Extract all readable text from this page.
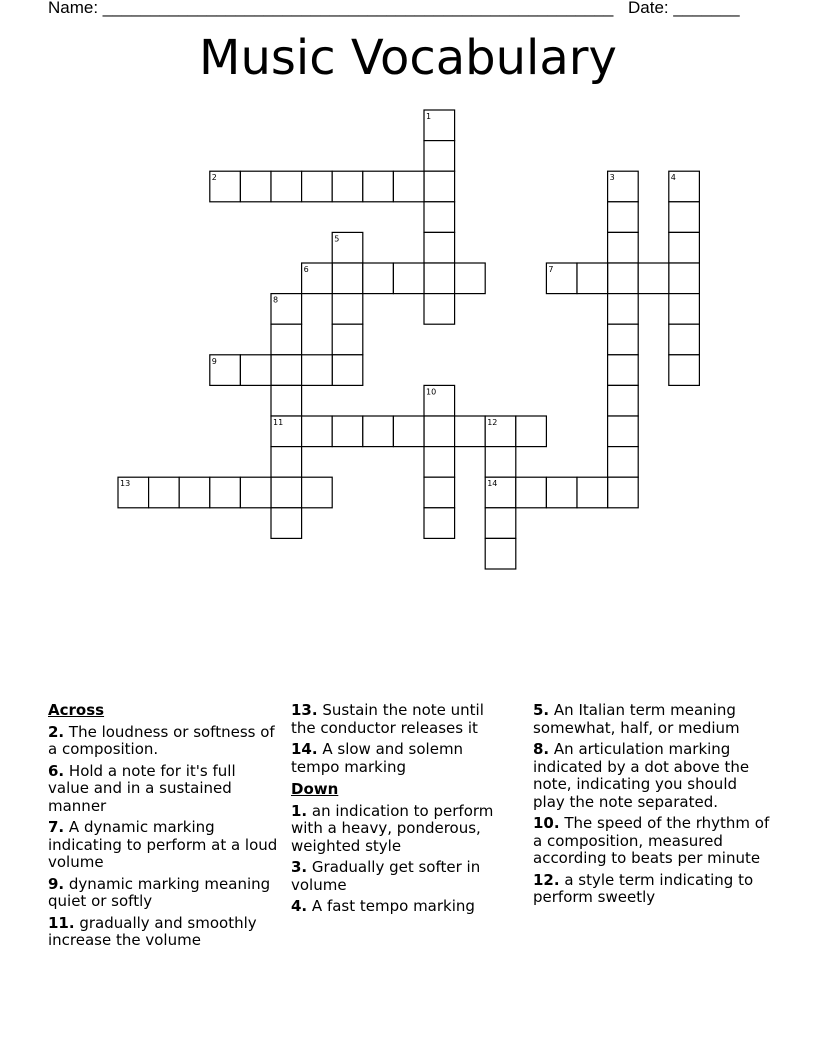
Name: ______________________________________________________ Date: _______
Music Vocabulary
1
2	3	4
5
6	7
8
9
10
11	12
13	14
Across
2. The loudness or softness of a composition.
6. Hold a note for it's full value and in a sustained manner
7. A dynamic marking indicating to perform at a loud volume
9. dynamic marking meaning quiet or softly
11. gradually and smoothly increase the volume
13. Sustain the note until the conductor releases it
14. A slow and solemn tempo marking
Down
1. an indication to perform with a heavy, ponderous, weighted style
3. Gradually get softer in volume
4. A fast tempo marking
5. An Italian term meaning somewhat, half, or medium
8. An articulation marking indicated by a dot above the note, indicating you should play the note separated.
10. The speed of the rhythm of a composition, measured according to beats per minute
12. a style term indicating to perform sweetly
